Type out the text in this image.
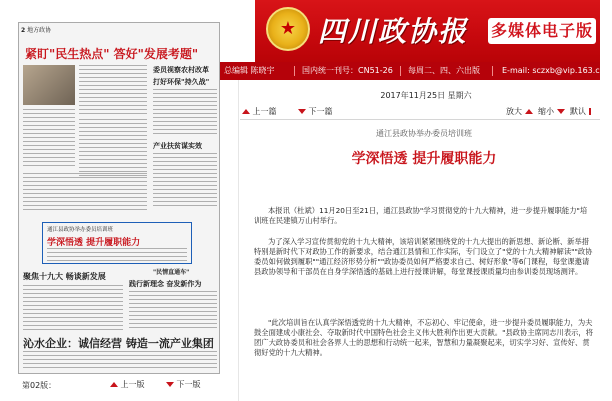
★
四川政协报 多媒体电子版
总编辑 陈晓宇	国内统一刊号：CN51-26 每周二、四、六出版	E-mail: sczxb@vip.163.com
2 地方政协
紧盯"民生热点" 答好"发展考题"
委员视察农村改革
打好环保"持久战"
产业扶贫谋实效
通江县政协举办委员培训班
学深悟透 提升履职能力
聚焦十九大 畅谈新发展	"民情直通车"
践行新理念 奋发新作为
沁水企业：诚信经营 铸造一流产业集团
第02版：	上一版	下一版
2017年11月25日 星期六
上一篇	下一篇	放大	缩小	默认
通江县政协举办委员培训班
学深悟透 提升履职能力

本报讯（杜斌）11月20日至21日，通江县政协"学习贯彻党的十九大精神，进一步提升履职能力"培训班在民建镇万山村举行。

为了深入学习宣传贯彻党的十九大精神，该培训紧紧围绕党的十九大提出的新思想、新论断、新举措特别是新时代下对政协工作的新要求，结合通江县情和工作实际，专门设立了"党的十九大精神解读""政协委员如何做到履职""通江经济形势分析""政协委员如何严格要求自己、树好形象"等6门课程，每堂课邀请县政协领导和干部员在自身学深悟透的基础上进行授课讲解，每堂课授课质量均由参训委员现场测评。

"此次培训旨在认真学深悟透党的十九大精神，不忘初心、牢记使命，进一步提升委员履职能力，为夫鼓全面建成小康社会、夺取新时代中国特色社会主义伟大胜利作出更大贡献。"县政协主席同志川表示，将团广大政协委员和社会各界人士的思想和行动统一起来，智慧和力量凝聚起来，切实学习好、宣传好、贯彻好党的十九大精神。
